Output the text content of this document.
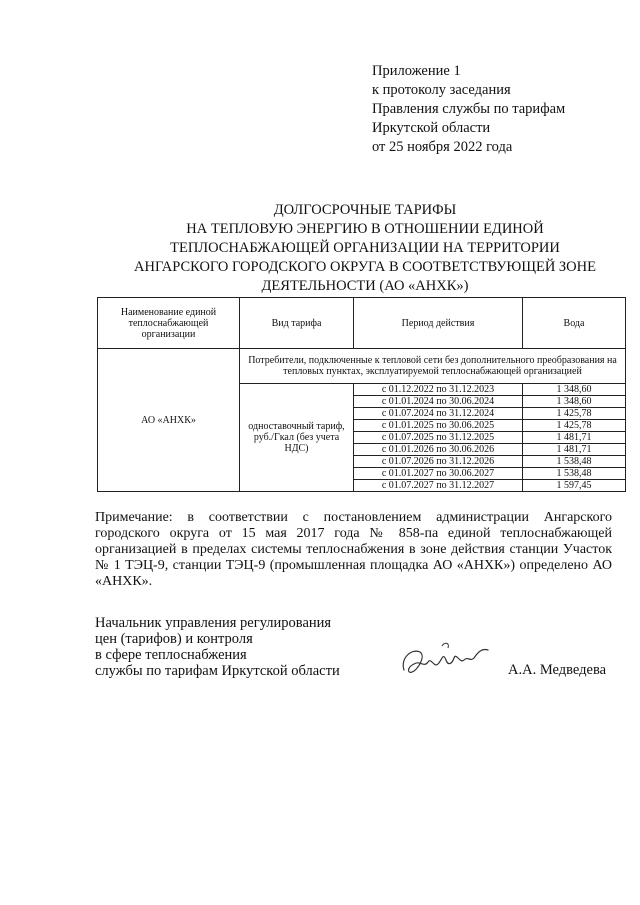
Приложение 1
к протоколу заседания
Правления службы по тарифам
Иркутской области
от 25 ноября 2022 года
ДОЛГОСРОЧНЫЕ ТАРИФЫ
НА ТЕПЛОВУЮ ЭНЕРГИЮ В ОТНОШЕНИИ ЕДИНОЙ
ТЕПЛОСНАБЖАЮЩЕЙ ОРГАНИЗАЦИИ НА ТЕРРИТОРИИ
АНГАРСКОГО ГОРОДСКОГО ОКРУГА В СООТВЕТСТВУЮЩЕЙ ЗОНЕ
ДЕЯТЕЛЬНОСТИ (АО «АНХК»)
Наименование единой теплоснабжающей организации	Вид тарифа	Период действия	Вода
АО «АНХК»	Потребители, подключенные к тепловой сети без дополнительного преобразования на тепловых пунктах, эксплуатируемой теплоснабжающей организацией		
	одноставочный тариф, руб./Гкал (без учета НДС)	с 01.12.2022 по 31.12.2023	1 348,60
		с 01.01.2024 по 30.06.2024	1 348,60
		с 01.07.2024 по 31.12.2024	1 425,78
		с 01.01.2025 по 30.06.2025	1 425,78
		с 01.07.2025 по 31.12.2025	1 481,71
		с 01.01.2026 по 30.06.2026	1 481,71
		с 01.07.2026 по 31.12.2026	1 538,48
		с 01.01.2027 по 30.06.2027	1 538,48
		с 01.07.2027 по 31.12.2027	1 597,45
Примечание: в соответствии с постановлением администрации Ангарского городского округа от 15 мая 2017 года № 858-па единой теплоснабжающей организацией в пределах системы теплоснабжения в зоне действия станции Участок № 1 ТЭЦ-9, станции ТЭЦ-9 (промышленная площадка АО «АНХК») определено АО «АНХК».
Начальник управления регулирования
цен (тарифов) и контроля
в сфере теплоснабжения
службы по тарифам Иркутской области	А.А. Медведева
